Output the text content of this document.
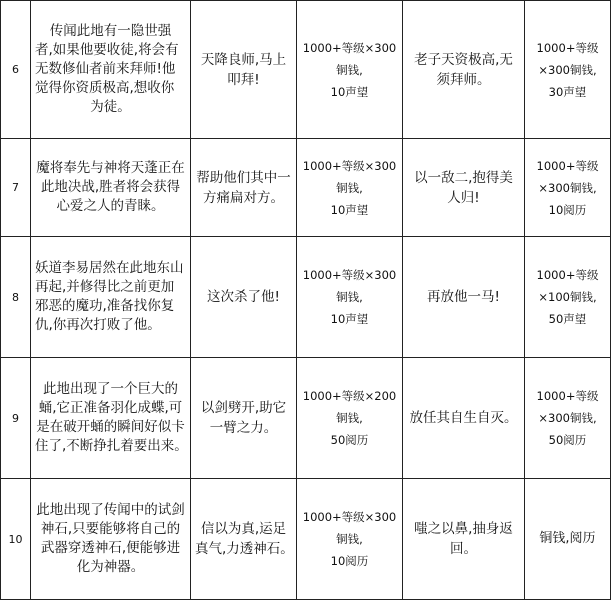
6	传闻此地有一隐世强
者,如果他要收徒,将会有
无数修仙者前来拜师!他
觉得你资质极高,想收你
为徒。	天降良师,马上
叩拜!	1000+等级×300
铜钱,
10声望	老子天资极高,无
须拜师。	1000+等级
×300铜钱,
30声望

7	魔将奉先与神将天蓬正在
此地决战,胜者将会获得
心爱之人的青睐。	帮助他们其中一
方痛扁对方。	1000+等级×300
铜钱,
10声望	以一敌二,抱得美
人归!	1000+等级
×300铜钱,
10阅历

8	妖道李易居然在此地东山
再起,并修得比之前更加
邪恶的魔功,准备找你复
仇,你再次打败了他。	这次杀了他!	1000+等级×300
铜钱,
10声望	再放他一马!	1000+等级
×100铜钱,
50声望

9	此地出现了一个巨大的
蛹,它正准备羽化成蝶,可
是在破开蛹的瞬间好似卡
住了,不断挣扎着要出来。	以剑劈开,助它
一臂之力。	1000+等级×200
铜钱,
50阅历	放任其自生自灭。	1000+等级
×300铜钱,
50阅历

10	此地出现了传闻中的试剑
神石,只要能够将自己的
武器穿透神石,便能够进
化为神器。	信以为真,运足
真气,力透神石。	1000+等级×300
铜钱,
10阅历	嗤之以鼻,抽身返
回。	铜钱,阅历
